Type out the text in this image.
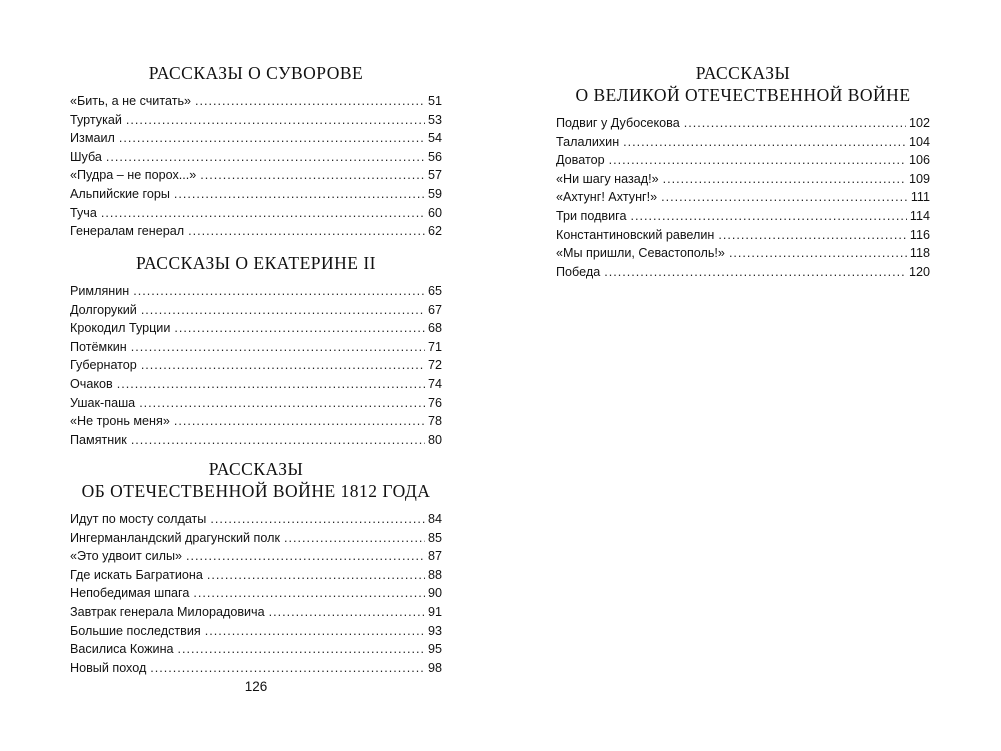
РАССКАЗЫ О СУВОРОВЕ
«Бить, а не считать» .....	51
Туртукай .....	53
Измаил .....	54
Шуба .....	56
«Пудра – не порох...» .....	57
Альпийские горы .....	59
Туча .....	60
Генералам генерал .....	62
РАССКАЗЫ О ЕКАТЕРИНЕ II
Римлянин .....	65
Долгорукий .....	67
Крокодил Турции .....	68
Потёмкин .....	71
Губернатор .....	72
Очаков .....	74
Ушак-паша .....	76
«Не тронь меня» .....	78
Памятник .....	80
РАССКАЗЫ
ОБ ОТЕЧЕСТВЕННОЙ ВОЙНЕ 1812 ГОДА
Идут по мосту солдаты .....	84
Ингерманландский драгунский полк .....	85
«Это удвоит силы» .....	87
Где искать Багратиона .....	88
Непобедимая шпага .....	90
Завтрак генерала Милорадовича .....	91
Большие последствия .....	93
Василиса Кожина .....	95
Новый поход .....	98
РАССКАЗЫ
О ВЕЛИКОЙ ОТЕЧЕСТВЕННОЙ ВОЙНЕ
Подвиг у Дубосекова .....	102
Талалихин .....	104
Доватор .....	106
«Ни шагу назад!» .....	109
«Ахтунг! Ахтунг!» .....	111
Три подвига .....	114
Константиновский равелин .....	116
«Мы пришли, Севастополь!» .....	118
Победа .....	120
126
